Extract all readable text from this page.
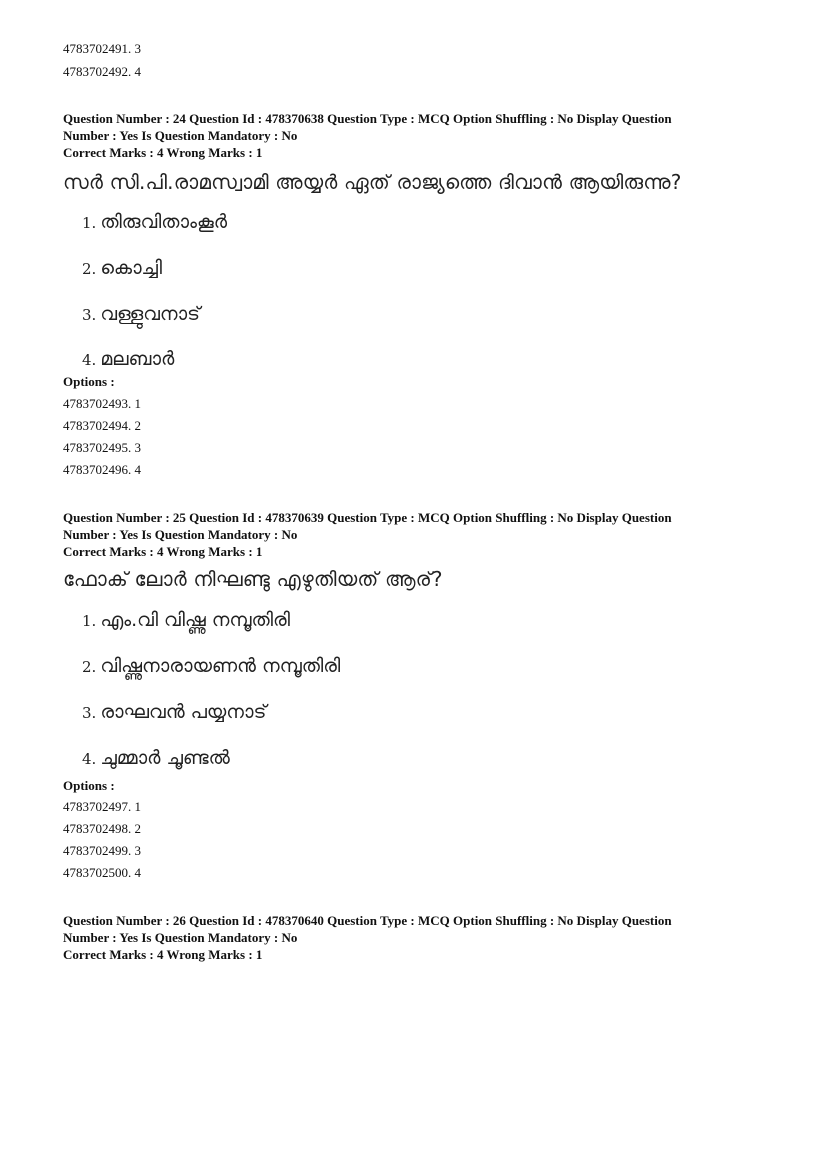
4783702491. 3
4783702492. 4
Question Number : 24 Question Id : 478370638 Question Type : MCQ Option Shuffling : No Display Question
Number : Yes Is Question Mandatory : No
Correct Marks : 4 Wrong Marks : 1
സർ സി.പി.രാമസ്വാമി അയ്യർ ഏത് രാജ്യത്തെ ദിവാൻ ആയിരുന്നു?
1. തിരുവിതാംകൂർ
2. കൊച്ചി
3. വള്ളുവനാട്
4. മലബാർ
Options :
4783702493. 1
4783702494. 2
4783702495. 3
4783702496. 4
Question Number : 25 Question Id : 478370639 Question Type : MCQ Option Shuffling : No Display Question
Number : Yes Is Question Mandatory : No
Correct Marks : 4 Wrong Marks : 1
ഫോക് ലോർ നിഘണ്ടു എഴുതിയത് ആര്?
1. എം.വി വിഷ്ണു നമ്പൂതിരി
2. വിഷ്ണുനാരായണൻ നമ്പൂതിരി
3. രാഘവൻ പയ്യനാട്
4. ചുമ്മാർ ചൂണ്ടൽ
Options :
4783702497. 1
4783702498. 2
4783702499. 3
4783702500. 4
Question Number : 26 Question Id : 478370640 Question Type : MCQ Option Shuffling : No Display Question
Number : Yes Is Question Mandatory : No
Correct Marks : 4 Wrong Marks : 1
